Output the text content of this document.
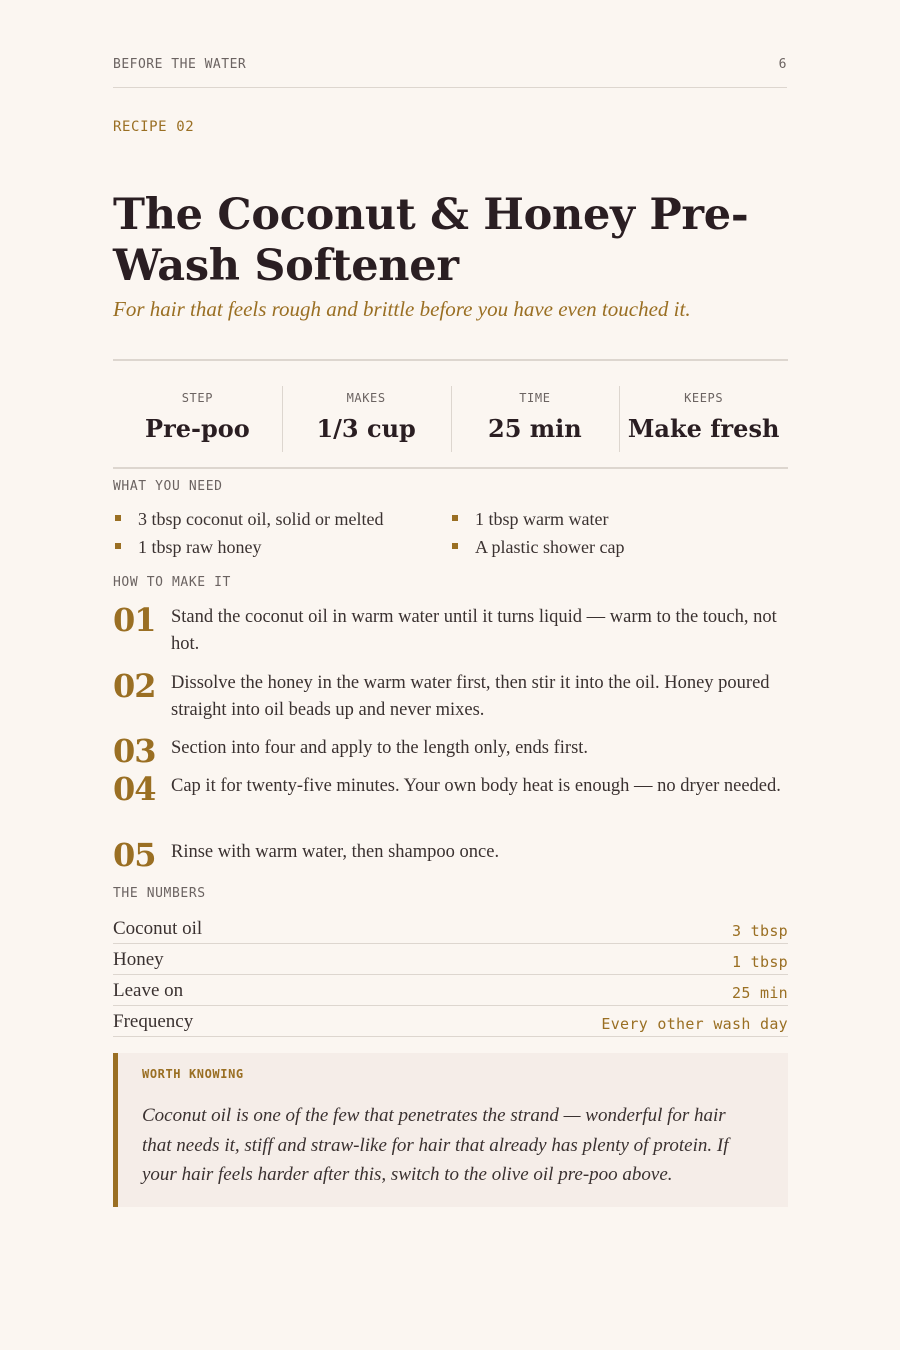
BEFORE THE WATER	6
RECIPE 02
The Coconut & Honey Pre-Wash Softener
For hair that feels rough and brittle before you have even touched it.
STEP
Pre-poo
MAKES
1/3 cup
TIME
25 min
KEEPS
Make fresh
WHAT YOU NEED
3 tbsp coconut oil, solid or melted
1 tbsp raw honey
1 tbsp warm water
A plastic shower cap
HOW TO MAKE IT
01 Stand the coconut oil in warm water until it turns liquid — warm to the touch, not hot.
02 Dissolve the honey in the warm water first, then stir it into the oil. Honey poured straight into oil beads up and never mixes.
03 Section into four and apply to the length only, ends first.
04 Cap it for twenty-five minutes. Your own body heat is enough — no dryer needed.
05 Rinse with warm water, then shampoo once.
THE NUMBERS
Coconut oil	3 tbsp
Honey	1 tbsp
Leave on	25 min
Frequency	Every other wash day
WORTH KNOWING
Coconut oil is one of the few that penetrates the strand — wonderful for hair that needs it, stiff and straw-like for hair that already has plenty of protein. If your hair feels harder after this, switch to the olive oil pre-poo above.
